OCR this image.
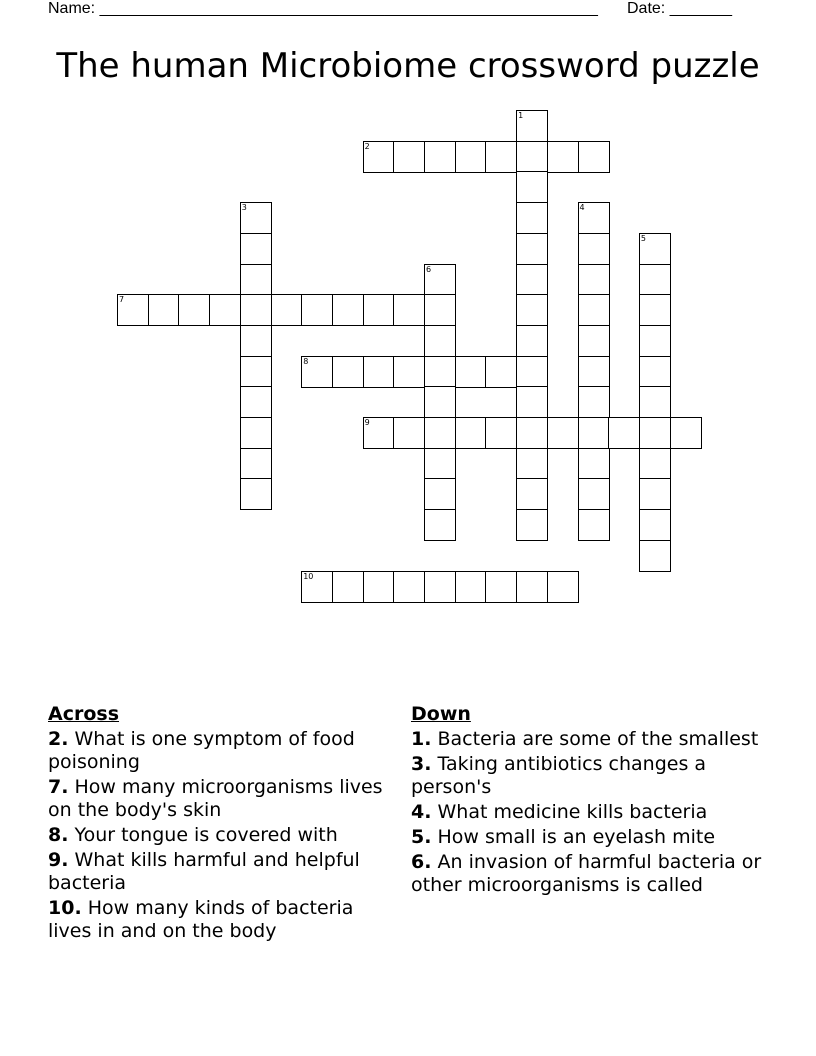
Name: ________________________________________________________ Date: _______
The human Microbiome crossword puzzle
1
2
3	4
5
6
7
8
9
10
Across
2. What is one symptom of food poisoning
7. How many microorganisms lives on the body's skin
8. Your tongue is covered with
9. What kills harmful and helpful bacteria
10. How many kinds of bacteria lives in and on the body
Down
1. Bacteria are some of the smallest
3. Taking antibiotics changes a person's
4. What medicine kills bacteria
5. How small is an eyelash mite
6. An invasion of harmful bacteria or other microorganisms is called
